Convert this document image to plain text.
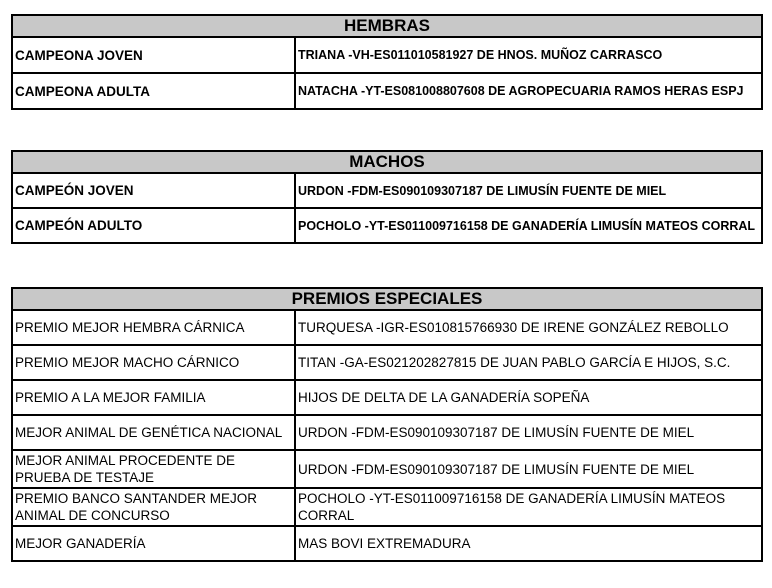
HEMBRAS	
CAMPEONA JOVEN	TRIANA -VH-ES011010581927 DE HNOS. MUÑOZ CARRASCO
CAMPEONA ADULTA	NATACHA -YT-ES081008807608 DE AGROPECUARIA RAMOS HERAS ESPJ
MACHOS	
CAMPEÓN JOVEN	URDON -FDM-ES090109307187 DE LIMUSÍN FUENTE DE MIEL
CAMPEÓN ADULTO	POCHOLO -YT-ES011009716158 DE GANADERÍA LIMUSÍN MATEOS CORRAL
PREMIOS ESPECIALES	
PREMIO MEJOR HEMBRA CÁRNICA	TURQUESA -IGR-ES010815766930 DE IRENE GONZÁLEZ REBOLLO
PREMIO MEJOR MACHO CÁRNICO	TITAN -GA-ES021202827815 DE JUAN PABLO GARCÍA E HIJOS, S.C.
PREMIO A LA MEJOR FAMILIA	HIJOS DE DELTA DE LA GANADERÍA SOPEÑA
MEJOR ANIMAL DE GENÉTICA NACIONAL	URDON -FDM-ES090109307187 DE LIMUSÍN FUENTE DE MIEL
MEJOR ANIMAL PROCEDENTE DE PRUEBA DE TESTAJE	URDON -FDM-ES090109307187 DE LIMUSÍN FUENTE DE MIEL
PREMIO BANCO SANTANDER MEJOR ANIMAL DE CONCURSO	POCHOLO -YT-ES011009716158 DE GANADERÍA LIMUSÍN MATEOS CORRAL
MEJOR GANADERÍA	MAS BOVI EXTREMADURA
